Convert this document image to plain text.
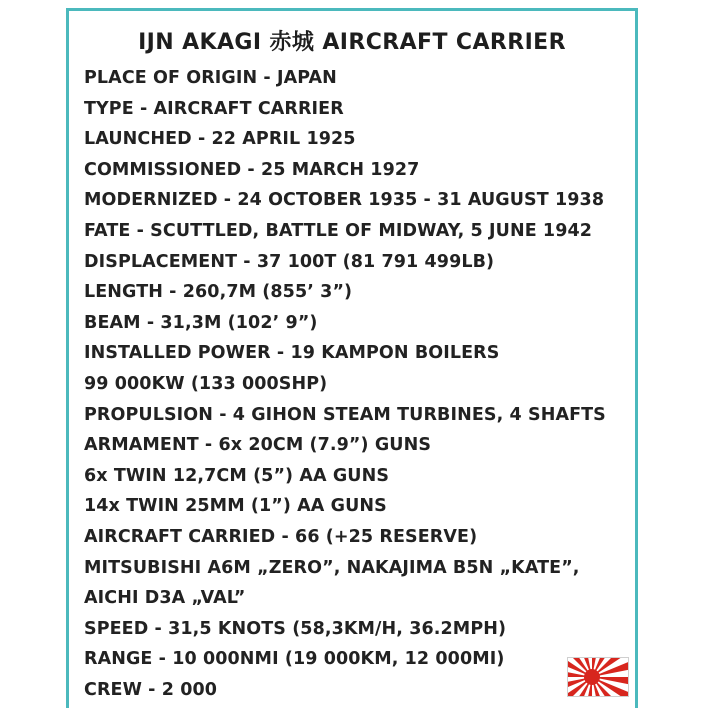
IJN AKAGI 赤城 AIRCRAFT CARRIER
PLACE OF ORIGIN - JAPAN
TYPE - AIRCRAFT CARRIER
LAUNCHED - 22 APRIL 1925
COMMISSIONED - 25 MARCH 1927
MODERNIZED - 24 OCTOBER 1935 - 31 AUGUST 1938
FATE - SCUTTLED, BATTLE OF MIDWAY, 5 JUNE 1942
DISPLACEMENT - 37 100T (81 791 499LB)
LENGTH - 260,7M (855’ 3”)
BEAM - 31,3M (102’ 9”)
INSTALLED POWER - 19 KAMPON BOILERS
99 000KW (133 000SHP)
PROPULSION - 4 GIHON STEAM TURBINES, 4 SHAFTS
ARMAMENT - 6x 20CM (7.9”) GUNS
6x TWIN 12,7CM (5”) AA GUNS
14x TWIN 25MM (1”) AA GUNS
AIRCRAFT CARRIED - 66 (+25 RESERVE)
MITSUBISHI A6M „ZERO”, NAKAJIMA B5N „KATE”,
AICHI D3A „VAL”
SPEED - 31,5 KNOTS (58,3KM/H, 36.2MPH)
RANGE - 10 000NMI (19 000KM, 12 000MI)
CREW - 2 000
